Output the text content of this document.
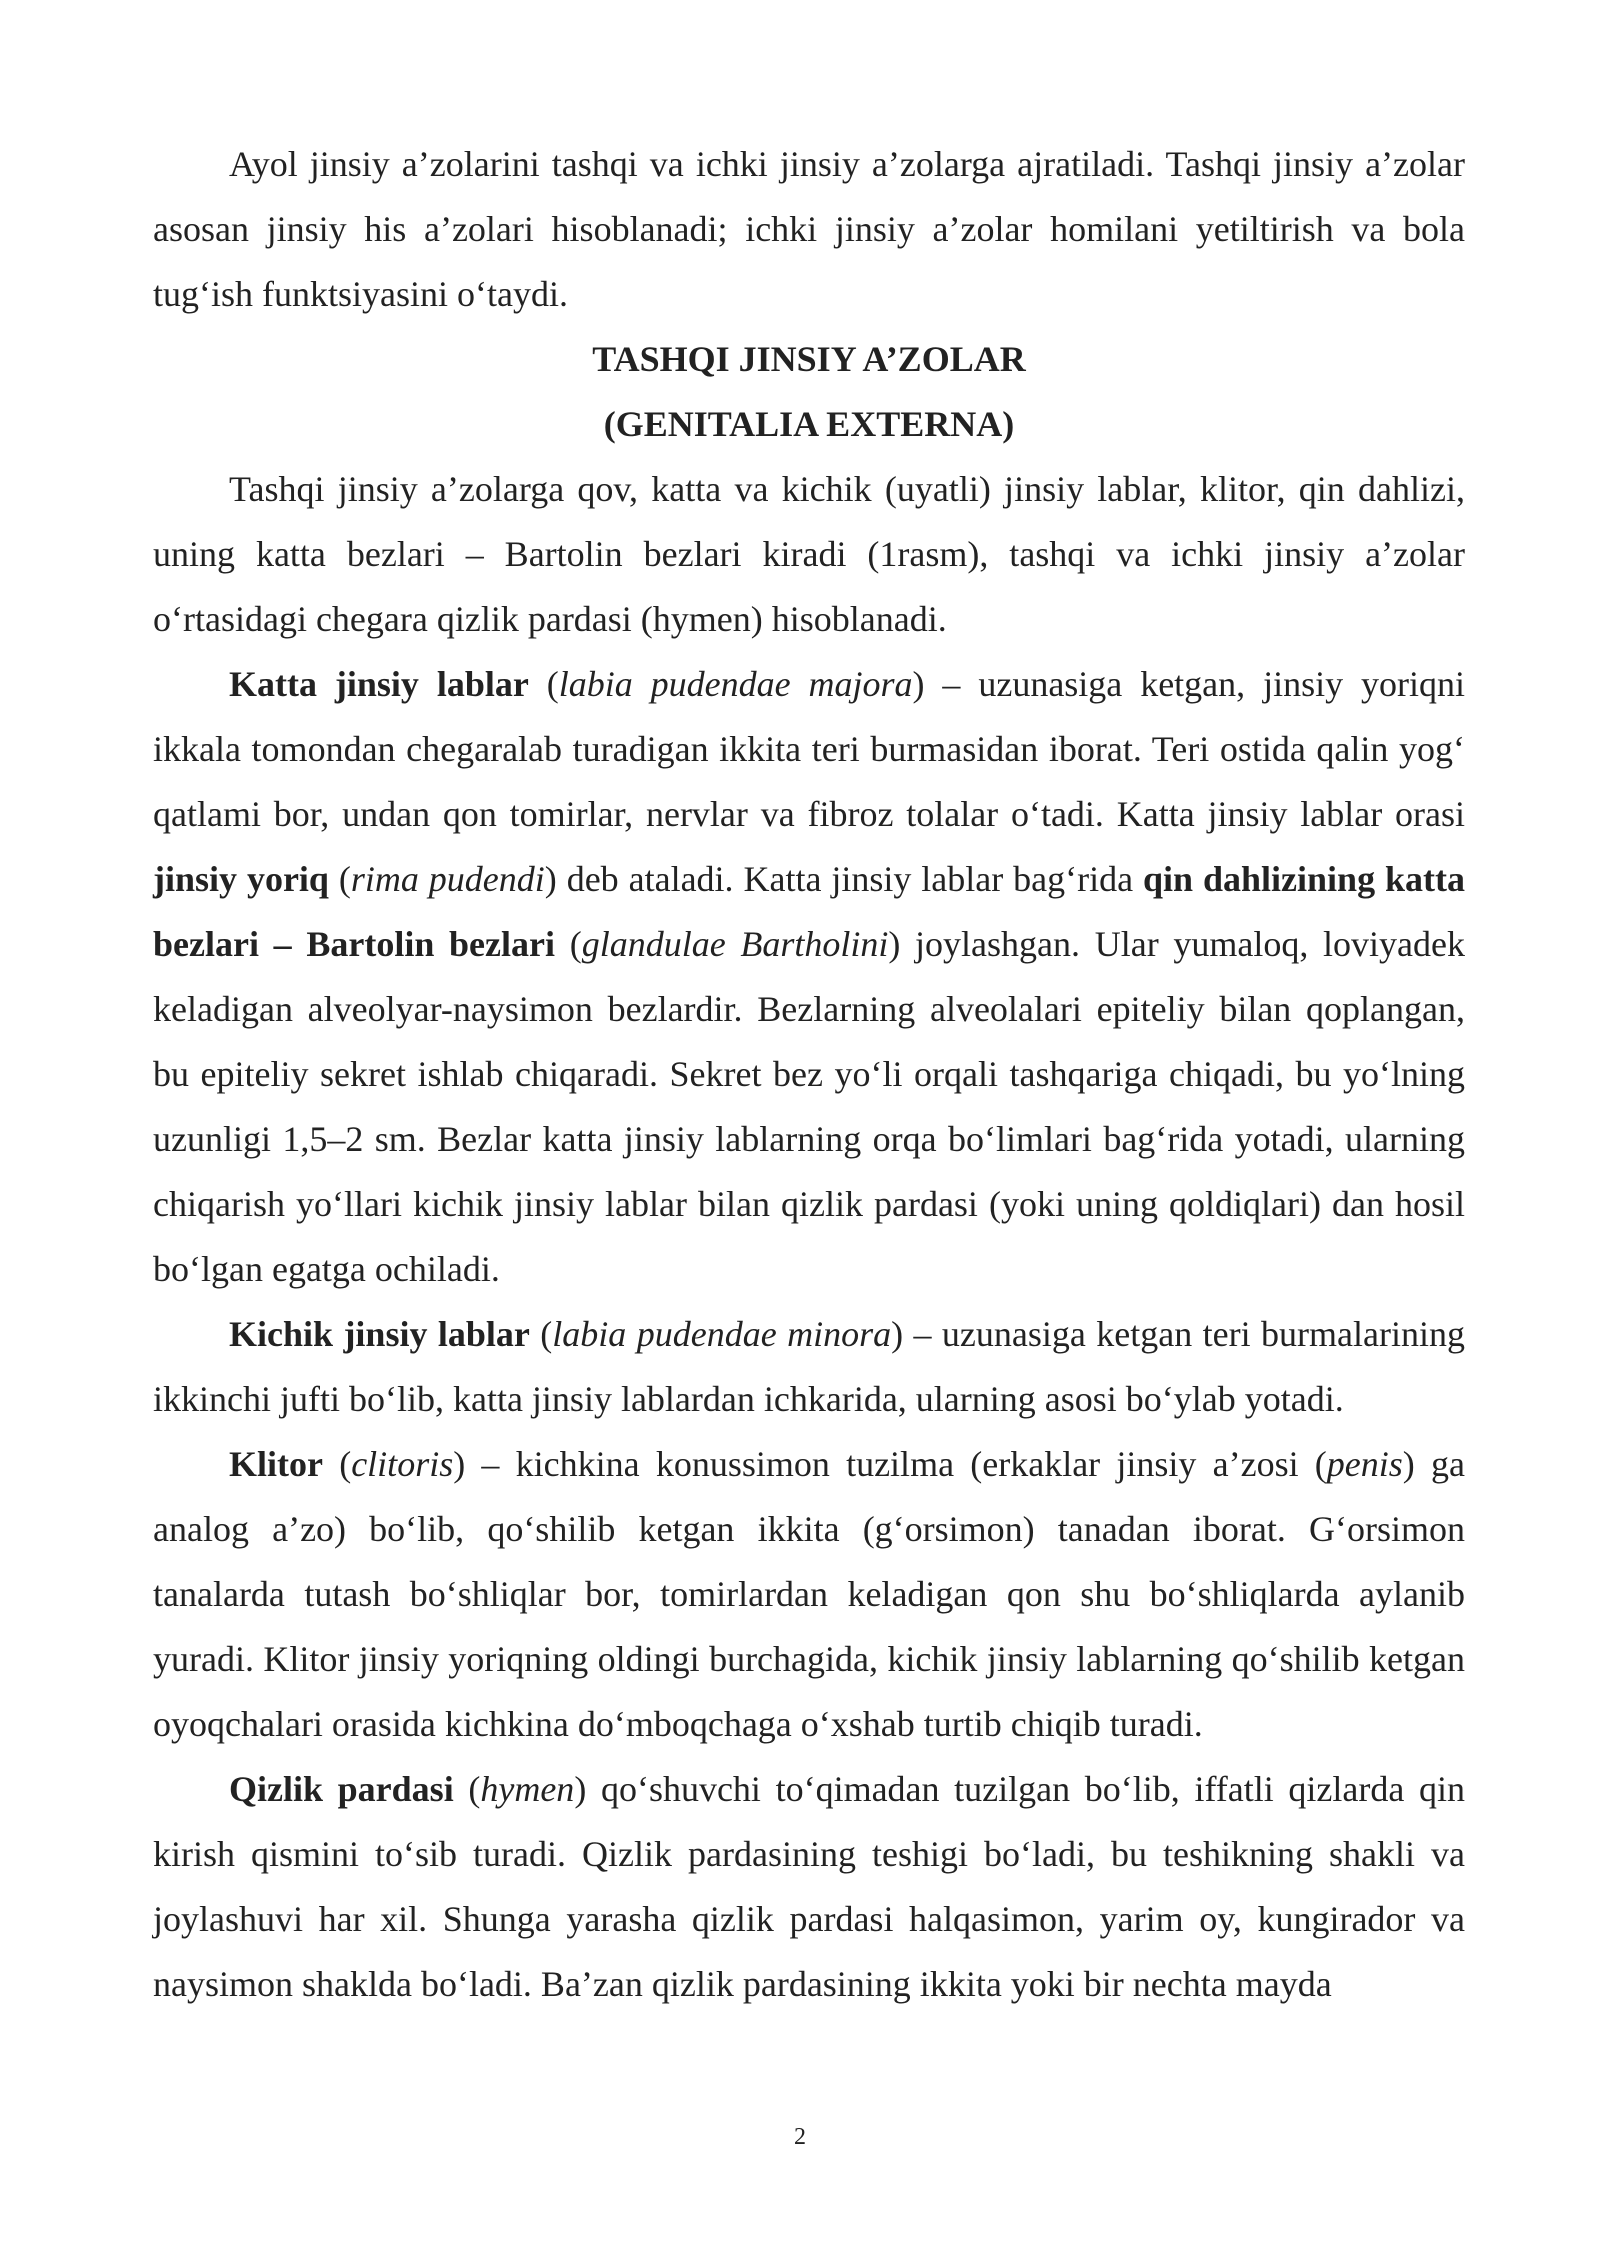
Ayol jinsiy a’zolarini tashqi va ichki jinsiy a’zolarga ajratiladi. Tashqi jinsiy a’zolar asosan jinsiy his a’zolari hisoblanadi; ichki jinsiy a’zolar homilani yetiltirish va bola tug‘ish funktsiyasini o‘taydi.

TASHQI JINSIY A’ZOLAR

(GENITALIA EXTERNA)

Tashqi jinsiy a’zolarga qov, katta va kichik (uyatli) jinsiy lablar, klitor, qin dahlizi, uning katta bezlari – Bartolin bezlari kiradi (1rasm), tashqi va ichki jinsiy a’zolar o‘rtasidagi chegara qizlik pardasi (hymen) hisoblanadi.

Katta jinsiy lablar (labia pudendae majora) – uzunasiga ketgan, jinsiy yoriqni ikkala tomondan chegaralab turadigan ikkita teri burmasidan iborat. Teri ostida qalin yog‘ qatlami bor, undan qon tomirlar, nervlar va fibroz tolalar o‘tadi. Katta jinsiy lablar orasi jinsiy yoriq (rima pudendi) deb ataladi. Katta jinsiy lablar bag‘rida qin dahlizining katta bezlari – Bartolin bezlari (glandulae Bartholini) joylashgan. Ular yumaloq, loviyadek keladigan alveolyar-naysimon bezlardir. Bezlarning alveolalari epiteliy bilan qoplangan, bu epiteliy sekret ishlab chiqaradi. Sekret bez yo‘li orqali tashqariga chiqadi, bu yo‘lning uzunligi 1,5–2 sm. Bezlar katta jinsiy lablarning orqa bo‘limlari bag‘rida yotadi, ularning chiqarish yo‘llari kichik jinsiy lablar bilan qizlik pardasi (yoki uning qoldiqlari) dan hosil bo‘lgan egatga ochiladi.

Kichik jinsiy lablar (labia pudendae minora) – uzunasiga ketgan teri burmalarining ikkinchi jufti bo‘lib, katta jinsiy lablardan ichkarida, ularning asosi bo‘ylab yotadi.

Klitor (clitoris) – kichkina konussimon tuzilma (erkaklar jinsiy a’zosi (penis) ga analog a’zo) bo‘lib, qo‘shilib ketgan ikkita (g‘orsimon) tanadan iborat. G‘orsimon tanalarda tutash bo‘shliqlar bor, tomirlardan keladigan qon shu bo‘shliqlarda aylanib yuradi. Klitor jinsiy yoriqning oldingi burchagida, kichik jinsiy lablarning qo‘shilib ketgan oyoqchalari orasida kichkina do‘mboqchaga o‘xshab turtib chiqib turadi.

Qizlik pardasi (hymen) qo‘shuvchi to‘qimadan tuzilgan bo‘lib, iffatli qizlarda qin kirish qismini to‘sib turadi. Qizlik pardasining teshigi bo‘ladi, bu teshikning shakli va joylashuvi har xil. Shunga yarasha qizlik pardasi halqasimon, yarim oy, kungirador va naysimon shaklda bo‘ladi. Ba’zan qizlik pardasining ikkita yoki bir nechta mayda

2
